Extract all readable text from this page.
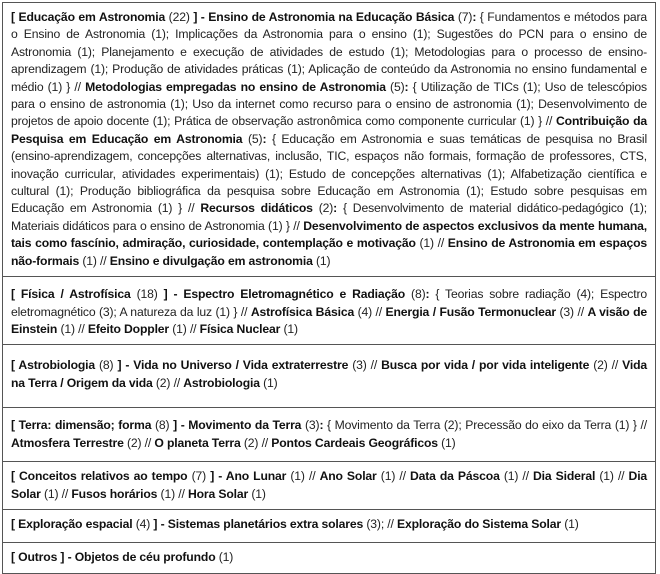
[ Educação em Astronomia (22) ] - Ensino de Astronomia na Educação Básica (7): { Fundamentos e métodos para o Ensino de Astronomia (1); Implicações da Astronomia para o ensino (1); Sugestões do PCN para o ensino de Astronomia (1); Planejamento e execução de atividades de estudo (1); Metodologias para o processo de ensino-aprendizagem (1); Produção de atividades práticas (1); Aplicação de conteúdo da Astronomia no ensino fundamental e médio (1) } // Metodologias empregadas no ensino de Astronomia (5): { Utilização de TICs (1); Uso de telescópios para o ensino de astronomia (1); Uso da internet como recurso para o ensino de astronomia (1); Desenvolvimento de projetos de apoio docente (1); Prática de observação astronômica como componente curricular (1) } // Contribuição da Pesquisa em Educação em Astronomia (5): { Educação em Astronomia e suas temáticas de pesquisa no Brasil (ensino-aprendizagem, concepções alternativas, inclusão, TIC, espaços não formais, formação de professores, CTS, inovação curricular, atividades experimentais) (1); Estudo de concepções alternativas (1); Alfabetização científica e cultural (1); Produção bibliográfica da pesquisa sobre Educação em Astronomia (1); Estudo sobre pesquisas em Educação em Astronomia (1) } // Recursos didáticos (2): { Desenvolvimento de material didático-pedagógico (1); Materiais didáticos para o ensino de Astronomia (1) } // Desenvolvimento de aspectos exclusivos da mente humana, tais como fascínio, admiração, curiosidade, contemplação e motivação (1) // Ensino de Astronomia em espaços não-formais (1) // Ensino e divulgação em astronomia (1)
[ Física / Astrofísica (18) ] - Espectro Eletromagnético e Radiação (8): { Teorias sobre radiação (4); Espectro eletromagnético (3); A natureza da luz (1) } // Astrofísica Básica (4) // Energia / Fusão Termonuclear (3) // A visão de Einstein (1) // Efeito Doppler (1) // Física Nuclear (1)
[ Astrobiologia (8) ] - Vida no Universo / Vida extraterrestre (3) // Busca por vida / por vida inteligente (2) // Vida na Terra / Origem da vida (2) // Astrobiologia (1)
[ Terra: dimensão; forma (8) ] - Movimento da Terra (3): { Movimento da Terra (2); Precessão do eixo da Terra (1) } // Atmosfera Terrestre (2) // O planeta Terra (2) // Pontos Cardeais Geográficos (1)
[ Conceitos relativos ao tempo (7) ] - Ano Lunar (1) // Ano Solar (1) // Data da Páscoa (1) // Dia Sideral (1) // Dia Solar (1) // Fusos horários (1) // Hora Solar (1)
[ Exploração espacial (4) ] - Sistemas planetários extra solares (3); // Exploração do Sistema Solar (1)
[ Outros ] - Objetos de céu profundo (1)
